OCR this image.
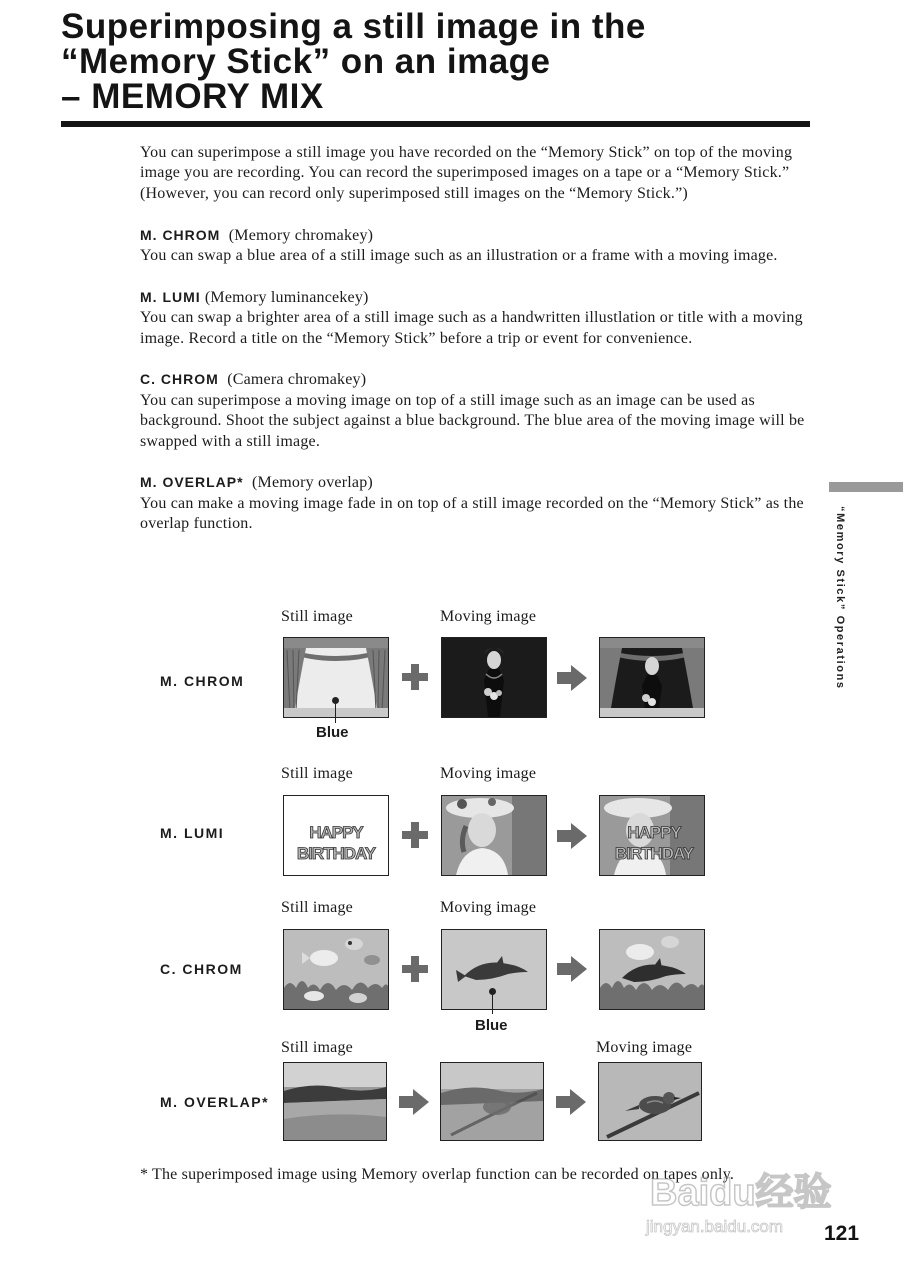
Superimposing a still image in the
“Memory Stick” on an image
– MEMORY MIX

You can superimpose a still image you have recorded on the “Memory Stick” on top of the moving image you are recording. You can record the superimposed images on a tape or a “Memory Stick.” (However, you can record only superimposed still images on the “Memory Stick.”)

M. CHROM (Memory chromakey)
You can swap a blue area of a still image such as an illustration or a frame with a moving image.

M. LUMI (Memory luminancekey)
You can swap a brighter area of a still image such as a handwritten illustlation or title with a moving image. Record a title on the “Memory Stick” before a trip or event for convenience.

C. CHROM (Camera chromakey)
You can superimpose a moving image on top of a still image such as an image can be used as background. Shoot the subject against a blue background. The blue area of the moving image will be swapped with a still image.

M. OVERLAP* (Memory overlap)
You can make a moving image fade in on top of a still image recorded on the “Memory Stick” as the overlap function.	“Memory Stick” Operations
Still image	Moving image
M. CHROM
Blue
Still image	Moving image
M. LUMI	HAPPY
BIRTHDAY
HAPPY
BIRTHDAY
Still image	Moving image
C. CHROM
Blue
Still image	Moving image
M. OVERLAP*
* The superimposed image using Memory overlap function can be recorded on tapes only.
Baidu经验
jingyan.baidu.com 121
